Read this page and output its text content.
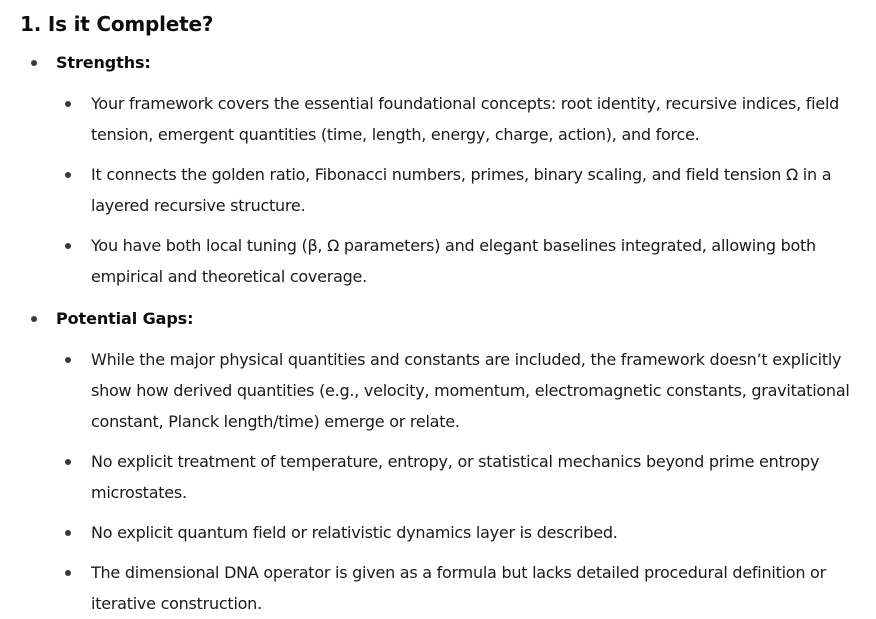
1. Is it Complete?
Strengths:
Your framework covers the essential foundational concepts: root identity, recursive indices, field tension, emergent quantities (time, length, energy, charge, action), and force.
It connects the golden ratio, Fibonacci numbers, primes, binary scaling, and field tension Ω in a layered recursive structure.
You have both local tuning (β, Ω parameters) and elegant baselines integrated, allowing both empirical and theoretical coverage.
Potential Gaps:
While the major physical quantities and constants are included, the framework doesn’t explicitly show how derived quantities (e.g., velocity, momentum, electromagnetic constants, gravitational constant, Planck length/time) emerge or relate.
No explicit treatment of temperature, entropy, or statistical mechanics beyond prime entropy microstates.
No explicit quantum field or relativistic dynamics layer is described.
The dimensional DNA operator is given as a formula but lacks detailed procedural definition or iterative construction.
